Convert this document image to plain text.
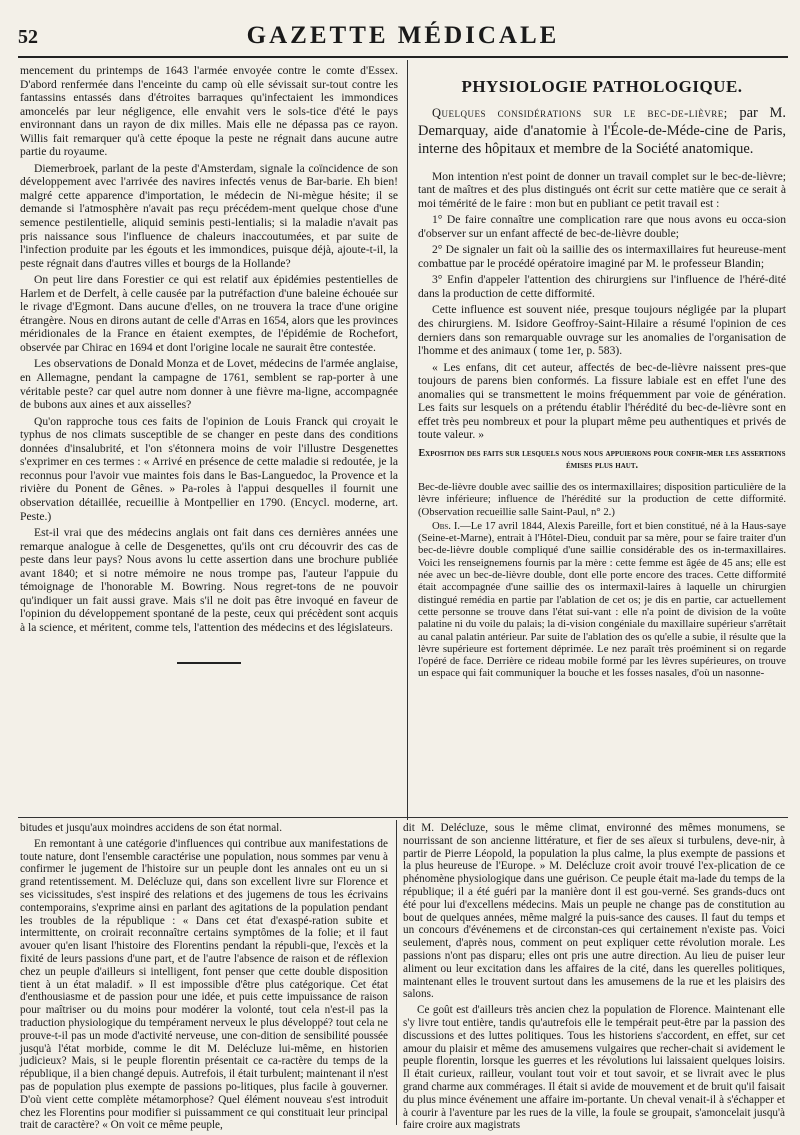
52	GAZETTE MÉDICALE

mencement du printemps de 1643 l'armée envoyée contre le comte d'Essex. D'abord renfermée dans l'enceinte du camp où elle sévissait sur-tout contre les fantassins entassés dans d'étroites barraques qu'infectaient les immondices amoncelés par leur négligence, elle envahit vers le sols-tice d'été le pays environnant dans un rayon de dix milles. Mais elle ne dépassa pas ce rayon. Willis fait remarquer qu'à cette époque la peste ne régnait dans aucune autre partie du royaume.

Diemerbroek, parlant de la peste d'Amsterdam, signale la coïncidence de son développement avec l'arrivée des navires infectés venus de Bar-barie. Eh bien! malgré cette apparence d'importation, le médecin de Ni-mègue hésite; il se demande si l'atmosphère n'avait pas reçu précédem-ment quelque chose d'une semence pestilentielle, aliquid seminis pesti-lentialis; si la maladie n'avait pas pris naissance sous l'influence de chaleurs inaccoutumées, et par suite de l'infection produite par les égouts et les immondices, puisque déjà, ajoute-t-il, la peste régnait dans d'autres villes et bourgs de la Hollande?

On peut lire dans Forestier ce qui est relatif aux épidémies pestentielles de Harlem et de Derfelt, à celle causée par la putréfaction d'une baleine échouée sur le rivage d'Egmont. Dans aucune d'elles, on ne trouvera la trace d'une origine étrangère. Nous en dirons autant de celle d'Arras en 1654, alors que les provinces méridionales de la France en étaient exemptes, de l'épidémie de Rochefort, observée par Chirac en 1694 et dont l'origine locale ne saurait être contestée.

Les observations de Donald Monza et de Lovet, médecins de l'armée anglaise, en Allemagne, pendant la campagne de 1761, semblent se rap-porter à une véritable peste? car quel autre nom donner à une fièvre ma-ligne, accompagnée de bubons aux aines et aux aisselles?

Qu'on rapproche tous ces faits de l'opinion de Louis Franck qui croyait le typhus de nos climats susceptible de se changer en peste dans des conditions données d'insalubrité, et l'on s'étonnera moins de voir l'illustre Desgenettes s'exprimer en ces termes : « Arrivé en présence de cette maladie si redoutée, je la reconnus pour l'avoir vue maintes fois dans le Bas-Languedoc, la Provence et la rivière du Ponent de Gênes. » Pa-roles à l'appui desquelles il fournit une observation détaillée, recueillie à Montpellier en 1790. (Encycl. moderne, art. Peste.)

Est-il vrai que des médecins anglais ont fait dans ces dernières années une remarque analogue à celle de Desgenettes, qu'ils ont cru découvrir des cas de peste dans leur pays? Nous avons lu cette assertion dans une brochure publiée avant 1840; et si notre mémoire ne nous trompe pas, l'auteur l'appuie du témoignage de l'honorable M. Bowring. Nous regret-tons de ne pouvoir qu'indiquer un fait aussi grave. Mais s'il ne doit pas être invoqué en faveur de l'opinion du développement spontané de la peste, ceux qui précèdent sont acquis à la science, et méritent, comme tels, l'attention des médecins et des législateurs.

PHYSIOLOGIE PATHOLOGIQUE.
Quelques considérations sur le bec-de-lièvre; par M. Demarquay, aide d'anatomie à l'École-de-Méde-cine de Paris, interne des hôpitaux et membre de la Société anatomique.

Mon intention n'est point de donner un travail complet sur le bec-de-lièvre; tant de maîtres et des plus distingués ont écrit sur cette matière que ce serait à moi témérité de le faire : mon but en publiant ce petit travail est :

1° De faire connaître une complication rare que nous avons eu occa-sion d'observer sur un enfant affecté de bec-de-lièvre double;

2° De signaler un fait où la saillie des os intermaxillaires fut heureuse-ment combattue par le procédé opératoire imaginé par M. le professeur Blandin;

3° Enfin d'appeler l'attention des chirurgiens sur l'influence de l'héré-dité dans la production de cette difformité.

Cette influence est souvent niée, presque toujours négligée par la plupart des chirurgiens. M. Isidore Geoffroy-Saint-Hilaire a résumé l'opinion de ces derniers dans son remarquable ouvrage sur les anomalies de l'organisation de l'homme et des animaux ( tome 1er, p. 583).

« Les enfans, dit cet auteur, affectés de bec-de-lièvre naissent pres-que toujours de parens bien conformés. La fissure labiale est en effet l'une des anomalies qui se transmettent le moins fréquemment par voie de génération. Les faits sur lesquels on a prétendu établir l'hérédité du bec-de-lièvre sont en effet très peu nombreux et pour la plupart même peu authentiques et privés de toute valeur. »

Exposition des faits sur lesquels nous nous appuierons pour confir-mer les assertions émises plus haut.

Bec-de-lièvre double avec saillie des os intermaxillaires; disposition particulière de la lèvre inférieure; influence de l'hérédité sur la production de cette difformité. (Observation recueillie salle Saint-Paul, n° 2.)

Obs. I.—Le 17 avril 1844, Alexis Pareille, fort et bien constitué, né à la Haus-saye (Seine-et-Marne), entrait à l'Hôtel-Dieu, conduit par sa mère, pour se faire traiter d'un bec-de-lièvre double compliqué d'une saillie considérable des os in-termaxillaires. Voici les renseignemens fournis par la mère : cette femme est âgée de 45 ans; elle est née avec un bec-de-lièvre double, dont elle porte encore des traces. Cette difformité était accompagnée d'une saillie des os intermaxil-laires à laquelle un chirurgien distingué remédia en partie par l'ablation de cet os; je dis en partie, car actuellement cette personne se trouve dans l'état sui-vant : elle n'a point de division de la voûte palatine ni du voile du palais; la di-vision congéniale du maxillaire supérieur s'arrêtait au canal palatin antérieur. Par suite de l'ablation des os qu'elle a subie, il résulte que la lèvre supérieure est fortement déprimée. Le nez paraît très proéminent si on regarde l'opéré de face. Derrière ce rideau mobile formé par les lèvres supérieures, on trouve un espace qui fait communiquer la bouche et les fosses nasales, d'où un nasonne-

bitudes et jusqu'aux moindres accidens de son état normal.

En remontant à une catégorie d'influences qui contribue aux manifestations de toute nature, dont l'ensemble caractérise une population, nous sommes par venu à confirmer le jugement de l'histoire sur un peuple dont les annales ont eu un si grand retentissement. M. Delécluze qui, dans son excellent livre sur Florence et ses vicissitudes, s'est inspiré des relations et des jugemens de tous les écrivains contemporains, s'exprime ainsi en parlant des agitations de la population pendant les troubles de la république : « Dans cet état d'exaspé-ration subite et intermittente, on croirait reconnaître certains symptômes de la folie; et il faut avouer qu'en lisant l'histoire des Florentins pendant la républi-que, l'excès et la fixité de leurs passions d'une part, et de l'autre l'absence de raison et de réflexion chez un peuple d'ailleurs si intelligent, font penser que cette double disposition tient à un état maladif. » Il est impossible d'être plus catégorique. Cet état d'enthousiasme et de passion pour une idée, et puis cette impuissance de raison pour maîtriser ou du moins pour modérer la volonté, tout cela n'est-il pas la traduction physiologique du tempérament nerveux le plus développé? tout cela ne prouve-t-il pas un mode d'activité nerveuse, une con-dition de sensibilité poussée jusqu'à l'état morbide, comme le dit M. Delécluze lui-même, en historien judicieux? Mais, si le peuple florentin présentait ce ca-ractère du temps de la république, il a bien changé depuis. Autrefois, il était turbulent; maintenant il n'est pas de population plus exempte de passions po-litiques, plus facile à gouverner. D'où vient cette complète métamorphose? Quel élément nouveau s'est introduit chez les Florentins pour modifier si puissamment ce qui constituait leur principal trait de caractère? « On voit ce même peuple,

dit M. Delécluze, sous le même climat, environné des mêmes monumens, se nourrissant de son ancienne littérature, et fier de ses aïeux si turbulens, deve-nir, à partir de Pierre Léopold, la population la plus calme, la plus exempte de passions et la plus heureuse de l'Europe. » M. Delécluze croit avoir trouvé l'ex-plication de ce phénomène physiologique dans une guérison. Ce peuple était ma-lade du temps de la république; il a été guéri par la manière dont il est gou-verné. Ses grands-ducs ont été pour lui d'excellens médecins. Mais un peuple ne change pas de constitution au bout de quelques années, même malgré la puis-sance des causes. Il faut du temps et un concours d'événemens et de circonstan-ces qui certainement n'existe pas. Voici seulement, d'après nous, comment on peut expliquer cette révolution morale. Les passions n'ont pas disparu; elles ont pris une autre direction. Au lieu de puiser leur aliment ou leur excitation dans les affaires de la cité, dans les querelles politiques, maintenant elles le trouvent surtout dans les amusemens de la rue et les plaisirs des salons.

Ce goût est d'ailleurs très ancien chez la population de Florence. Maintenant elle s'y livre tout entière, tandis qu'autrefois elle le tempérait peut-être par la passion des discussions et des luttes politiques. Tous les historiens s'accordent, en effet, sur cet amour du plaisir et même des amusemens vulgaires que recher-chait si avidement le peuple florentin, lorsque les guerres et les révolutions lui laissaient quelques loisirs. Il était curieux, railleur, voulant tout voir et tout savoir, et se livrait avec le plus grand charme aux commérages. Il était si avide de mouvement et de bruit qu'il faisait du plus mince événement une affaire im-portante. Un cheval venait-il à s'échapper et à courir à l'aventure par les rues de la ville, la foule se groupait, s'amoncelait jusqu'à faire croire aux magistrats
